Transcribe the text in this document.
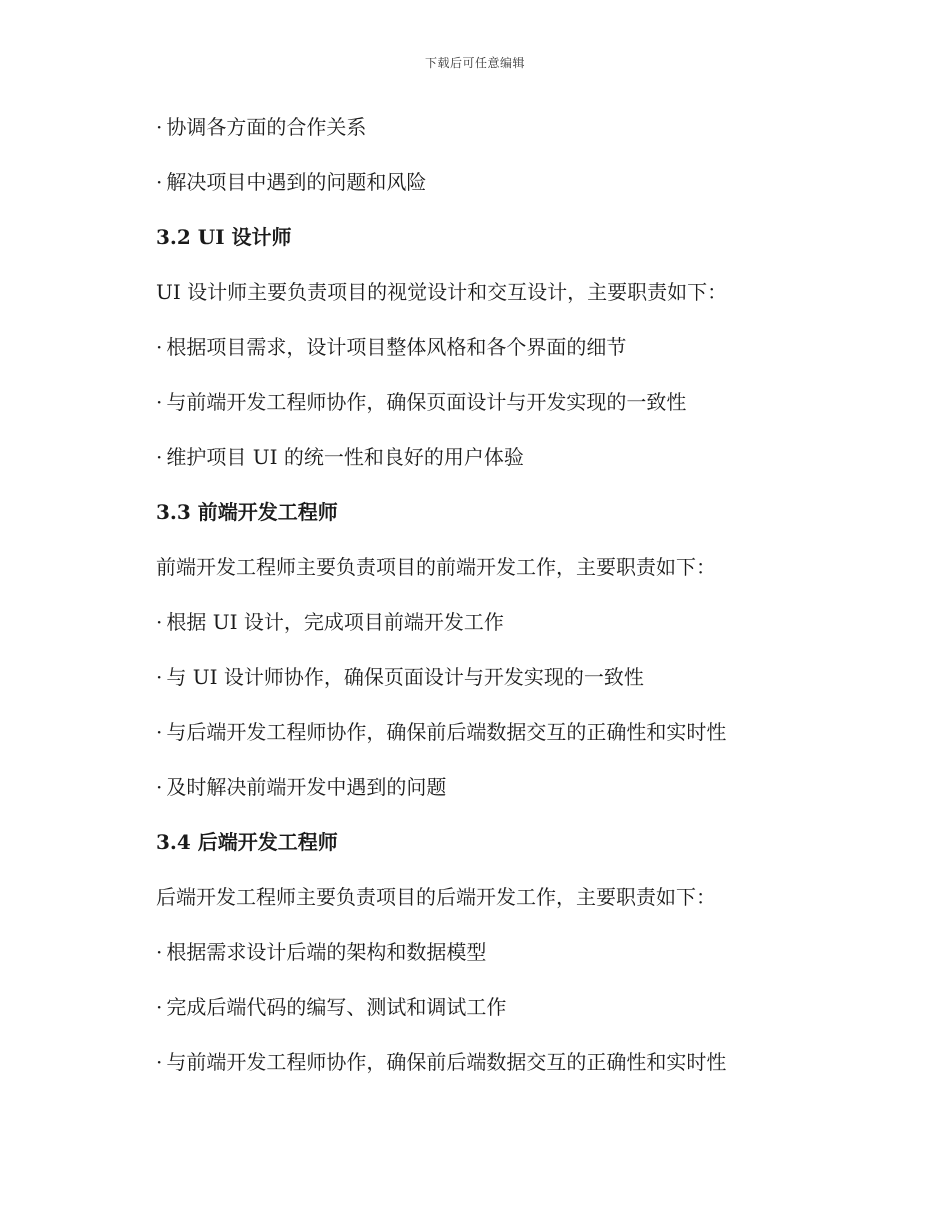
下载后可任意编辑
· 协调各方面的合作关系
· 解决项目中遇到的问题和风险
3.2 UI 设计师
UI 设计师主要负责项目的视觉设计和交互设计，主要职责如下：
· 根据项目需求，设计项目整体风格和各个界面的细节
· 与前端开发工程师协作，确保页面设计与开发实现的一致性
· 维护项目 UI 的统一性和良好的用户体验
3.3 前端开发工程师
前端开发工程师主要负责项目的前端开发工作，主要职责如下：
· 根据 UI 设计，完成项目前端开发工作
· 与 UI 设计师协作，确保页面设计与开发实现的一致性
· 与后端开发工程师协作，确保前后端数据交互的正确性和实时性
· 及时解决前端开发中遇到的问题
3.4 后端开发工程师
后端开发工程师主要负责项目的后端开发工作，主要职责如下：
· 根据需求设计后端的架构和数据模型
· 完成后端代码的编写、测试和调试工作
· 与前端开发工程师协作，确保前后端数据交互的正确性和实时性
